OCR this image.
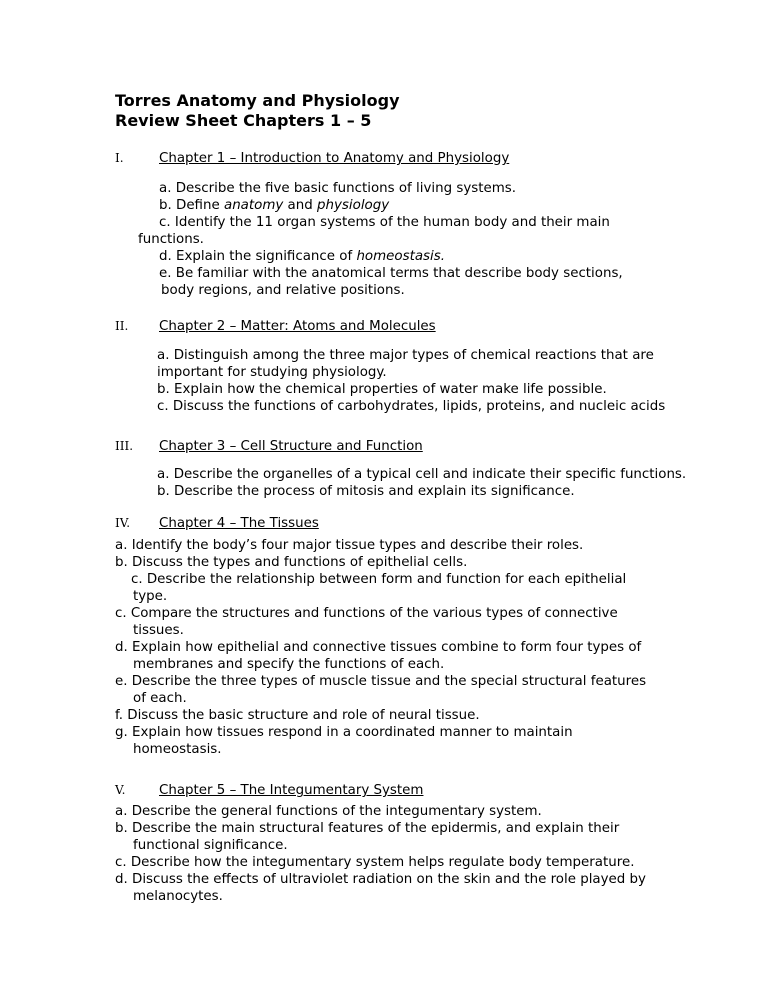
Torres Anatomy and Physiology
Review Sheet Chapters 1 – 5
I.	Chapter 1 – Introduction to Anatomy and Physiology
a. Describe the five basic functions of living systems.
b. Define anatomy and physiology
c. Identify the 11 organ systems of the human body and their main
functions.
d. Explain the significance of homeostasis.
e. Be familiar with the anatomical terms that describe body sections,
body regions, and relative positions.
II. Chapter 2 – Matter: Atoms and Molecules
a. Distinguish among the three major types of chemical reactions that are
important for studying physiology.
b. Explain how the chemical properties of water make life possible.
c. Discuss the functions of carbohydrates, lipids, proteins, and nucleic acids
III. Chapter 3 – Cell Structure and Function
a. Describe the organelles of a typical cell and indicate their specific functions.
b. Describe the process of mitosis and explain its significance.
IV. Chapter 4 – The Tissues
a. Identify the body’s four major tissue types and describe their roles.
b. Discuss the types and functions of epithelial cells.
c. Describe the relationship between form and function for each epithelial
type.
c. Compare the structures and functions of the various types of connective
tissues.
d. Explain how epithelial and connective tissues combine to form four types of
membranes and specify the functions of each.
e. Describe the three types of muscle tissue and the special structural features
of each.
f. Discuss the basic structure and role of neural tissue.
g. Explain how tissues respond in a coordinated manner to maintain
homeostasis.
V.	Chapter 5 – The Integumentary System
a. Describe the general functions of the integumentary system.
b. Describe the main structural features of the epidermis, and explain their
functional significance.
c. Describe how the integumentary system helps regulate body temperature.
d. Discuss the effects of ultraviolet radiation on the skin and the role played by
melanocytes.
